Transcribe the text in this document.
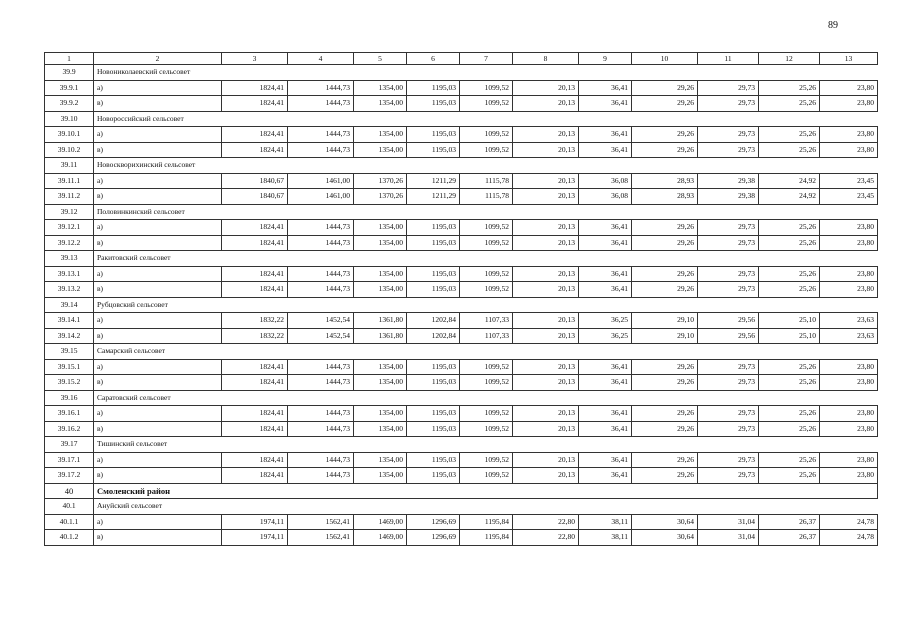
89
1	2	3	4	5	6	7	8	9	10	11	12	13
39.9	Новониколаевский сельсовет											
39.9.1	а)	1824,41	1444,73	1354,00	1195,03	1099,52	20,13	36,41	29,26	29,73	25,26	23,80
39.9.2	в)	1824,41	1444,73	1354,00	1195,03	1099,52	20,13	36,41	29,26	29,73	25,26	23,80
39.10	Новороссийский сельсовет											
39.10.1	а)	1824,41	1444,73	1354,00	1195,03	1099,52	20,13	36,41	29,26	29,73	25,26	23,80
39.10.2	в)	1824,41	1444,73	1354,00	1195,03	1099,52	20,13	36,41	29,26	29,73	25,26	23,80
39.11	Новоскворихинский сельсовет											
39.11.1	а)	1840,67	1461,00	1370,26	1211,29	1115,78	20,13	36,08	28,93	29,38	24,92	23,45
39.11.2	в)	1840,67	1461,00	1370,26	1211,29	1115,78	20,13	36,08	28,93	29,38	24,92	23,45
39.12	Половинкинский сельсовет											
39.12.1	а)	1824,41	1444,73	1354,00	1195,03	1099,52	20,13	36,41	29,26	29,73	25,26	23,80
39.12.2	в)	1824,41	1444,73	1354,00	1195,03	1099,52	20,13	36,41	29,26	29,73	25,26	23,80
39.13	Ракитовский сельсовет											
39.13.1	а)	1824,41	1444,73	1354,00	1195,03	1099,52	20,13	36,41	29,26	29,73	25,26	23,80
39.13.2	в)	1824,41	1444,73	1354,00	1195,03	1099,52	20,13	36,41	29,26	29,73	25,26	23,80
39.14	Рубцовский сельсовет											
39.14.1	а)	1832,22	1452,54	1361,80	1202,84	1107,33	20,13	36,25	29,10	29,56	25,10	23,63
39.14.2	в)	1832,22	1452,54	1361,80	1202,84	1107,33	20,13	36,25	29,10	29,56	25,10	23,63
39.15	Самарский сельсовет											
39.15.1	а)	1824,41	1444,73	1354,00	1195,03	1099,52	20,13	36,41	29,26	29,73	25,26	23,80
39.15.2	в)	1824,41	1444,73	1354,00	1195,03	1099,52	20,13	36,41	29,26	29,73	25,26	23,80
39.16	Саратовский сельсовет											
39.16.1	а)	1824,41	1444,73	1354,00	1195,03	1099,52	20,13	36,41	29,26	29,73	25,26	23,80
39.16.2	в)	1824,41	1444,73	1354,00	1195,03	1099,52	20,13	36,41	29,26	29,73	25,26	23,80
39.17	Тишинский сельсовет											
39.17.1	а)	1824,41	1444,73	1354,00	1195,03	1099,52	20,13	36,41	29,26	29,73	25,26	23,80
39.17.2	в)	1824,41	1444,73	1354,00	1195,03	1099,52	20,13	36,41	29,26	29,73	25,26	23,80
40	Смоленский район											
40.1	Ануйский сельсовет											
40.1.1	а)	1974,11	1562,41	1469,00	1296,69	1195,84	22,80	38,11	30,64	31,04	26,37	24,78
40.1.2	в)	1974,11	1562,41	1469,00	1296,69	1195,84	22,80	38,11	30,64	31,04	26,37	24,78
